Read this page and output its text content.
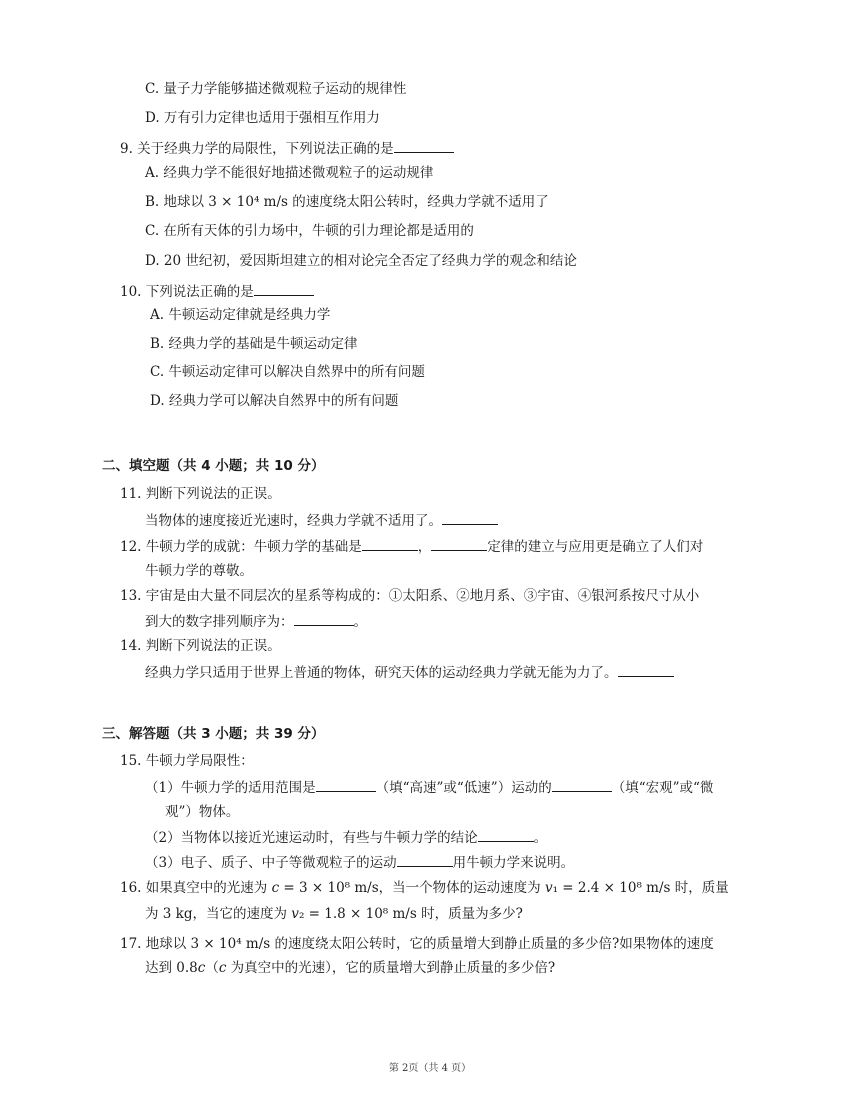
C. 量子力学能够描述微观粒子运动的规律性
D. 万有引力定律也适用于强相互作用力
9. 关于经典力学的局限性，下列说法正确的是
A. 经典力学不能很好地描述微观粒子的运动规律
B. 地球以 3 × 10⁴ m/s 的速度绕太阳公转时，经典力学就不适用了
C. 在所有天体的引力场中，牛顿的引力理论都是适用的
D. 20 世纪初，爱因斯坦建立的相对论完全否定了经典力学的观念和结论
10. 下列说法正确的是
A. 牛顿运动定律就是经典力学
B. 经典力学的基础是牛顿运动定律
C. 牛顿运动定律可以解决自然界中的所有问题
D. 经典力学可以解决自然界中的所有问题
二、填空题（共 4 小题；共 10 分）
11. 判断下列说法的正误。
当物体的速度接近光速时，经典力学就不适用了。
12. 牛顿力学的成就：牛顿力学的基础是	，	定律的建立与应用更是确立了人们对
牛顿力学的尊敬。
13. 宇宙是由大量不同层次的星系等构成的：①太阳系、②地月系、③宇宙、④银河系按尺寸从小
到大的数字排列顺序为：	。
14. 判断下列说法的正误。
经典力学只适用于世界上普通的物体，研究天体的运动经典力学就无能为力了。
三、解答题（共 3 小题；共 39 分）
15. 牛顿力学局限性：
（1）牛顿力学的适用范围是	（填“高速”或“低速”）运动的	（填“宏观”或“微
观”）物体。
（2）当物体以接近光速运动时，有些与牛顿力学的结论	。
（3）电子、质子、中子等微观粒子的运动	用牛顿力学来说明。
16. 如果真空中的光速为 c = 3 × 10⁸ m/s，当一个物体的运动速度为 v₁ = 2.4 × 10⁸ m/s 时，质量
为 3 kg，当它的速度为 v₂ = 1.8 × 10⁸ m/s 时，质量为多少?
17. 地球以 3 × 10⁴ m/s 的速度绕太阳公转时，它的质量增大到静止质量的多少倍?如果物体的速度
达到 0.8c（c 为真空中的光速），它的质量增大到静止质量的多少倍?
第 2页（共 4 页）
